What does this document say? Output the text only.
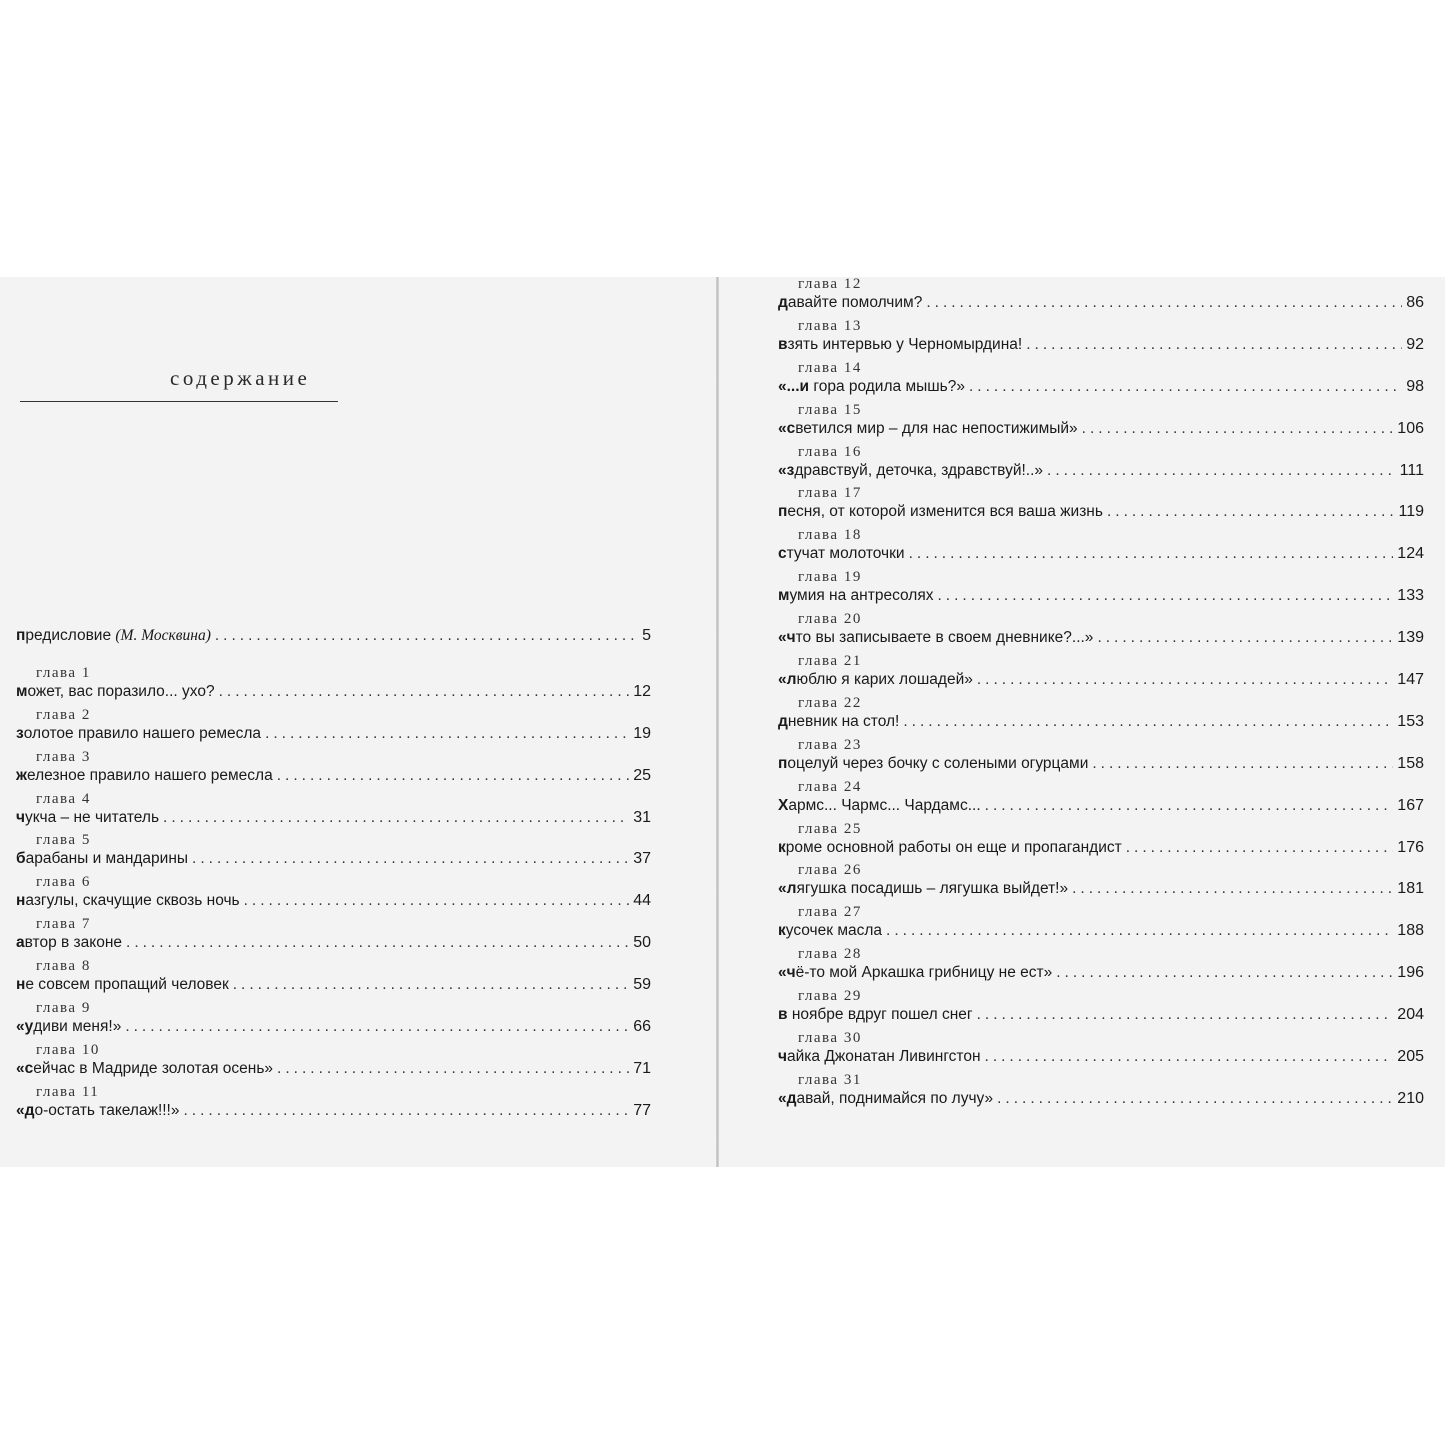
содержание
предисловие (М. Москвина) .....	5
глава 1
может, вас поразило... ухо? .....	12
глава 2
золотое правило нашего ремесла .....	19
глава 3
железное правило нашего ремесла .....	25
глава 4
чукча – не читатель .....	31
глава 5
барабаны и мандарины .....	37
глава 6
назгулы, скачущие сквозь ночь .....	44
глава 7
автор в законе .....	50
глава 8
не совсем пропащий человек .....	59
глава 9
«удиви меня!» .....	66
глава 10
«сейчас в Мадриде золотая осень» .....	71
глава 11
«до-остать такелаж!!!» .....	77
глава 12
давайте помолчим? .....	86
глава 13
взять интервью у Черномырдина! .....	92
глава 14
«...и гора родила мышь?» .....	98
глава 15
«светился мир – для нас непостижимый» .....	106
глава 16
«здравствуй, деточка, здравствуй!..» .....	111
глава 17
песня, от которой изменится вся ваша жизнь .....	119
глава 18
стучат молоточки .....	124
глава 19
мумия на антресолях .....	133
глава 20
«что вы записываете в своем дневнике?...» .....	139
глава 21
«люблю я карих лошадей» .....	147
глава 22
дневник на стол! .....	153
глава 23
поцелуй через бочку с солеными огурцами .....	158
глава 24
Хармс... Чармс... Чардамс... .....	167
глава 25
кроме основной работы он еще и пропагандист .....	176
глава 26
«лягушка посадишь – лягушка выйдет!» .....	181
глава 27
кусочек масла .....	188
глава 28
«чё-то мой Аркашка грибницу не ест» .....	196
глава 29
в ноябре вдруг пошел снег .....	204
глава 30
чайка Джонатан Ливингстон .....	205
глава 31
«давай, поднимайся по лучу» .....	210
